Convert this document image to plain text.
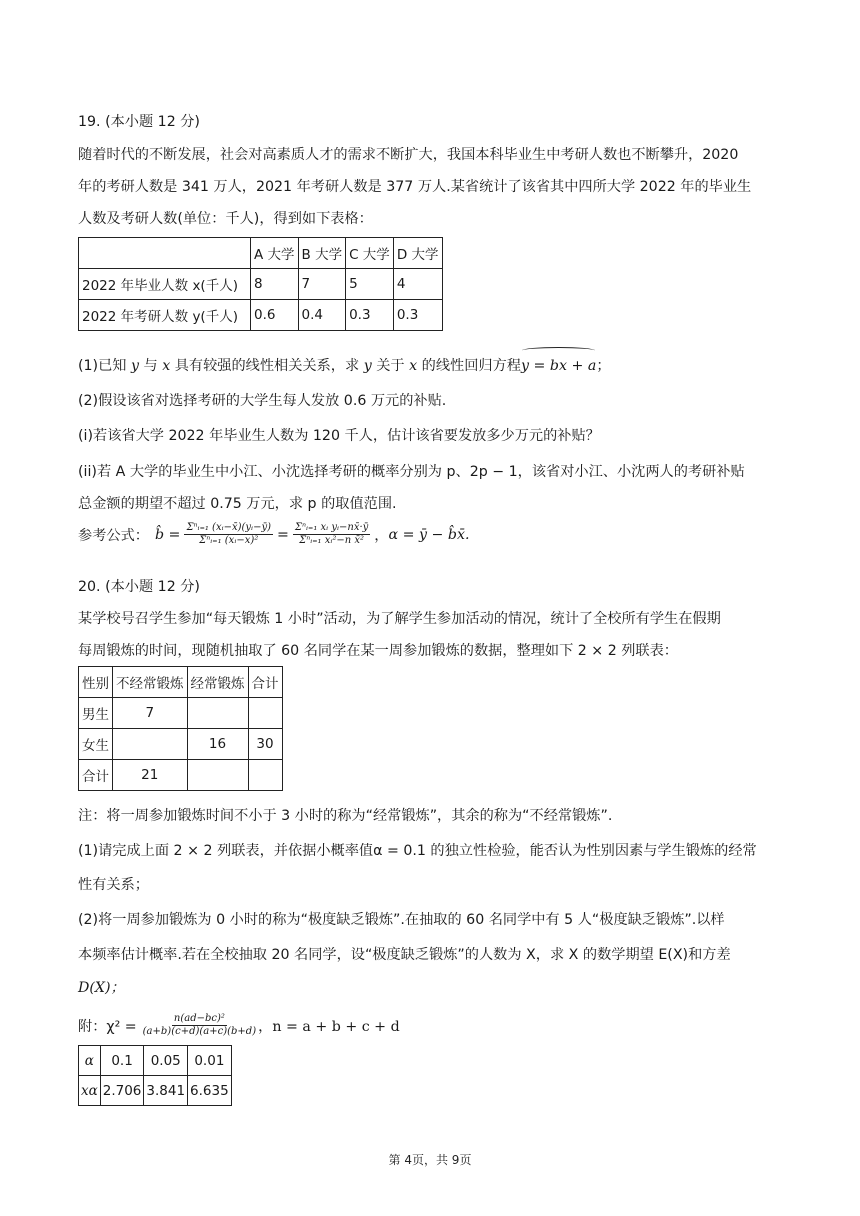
19. (本小题 12 分)

随着时代的不断发展，社会对高素质人才的需求不断扩大，我国本科毕业生中考研人数也不断攀升，2020

年的考研人数是 341 万人，2021 年考研人数是 377 万人.某省统计了该省其中四所大学 2022 年的毕业生

人数及考研人数(单位：千人)，得到如下表格：

	A 大学	B 大学	C 大学	D 大学
2022 年毕业人数 x(千人)	8	7	5	4
2022 年考研人数 y(千人)	0.6	0.4	0.3	0.3

(1)已知 y 与 x 具有较强的线性相关关系，求 y 关于 x 的线性回归方程y = bx + a；

(2)假设该省对选择考研的大学生每人发放 0.6 万元的补贴.

(i)若该省大学 2022 年毕业生人数为 120 千人，估计该省要发放多少万元的补贴？

(ii)若 A 大学的毕业生中小江、小沈选择考研的概率分别为 p、2p − 1，该省对小江、小沈两人的考研补贴

总金额的期望不超过 0.75 万元，求 p 的取值范围.

参考公式： b̂ = $\frac{\text{Σⁿᵢ₌₁ (xᵢ−x̄)(yᵢ−ȳ)}}{\text{Σⁿᵢ₌₁ (xᵢ−x)²}} = \frac{\text{Σⁿᵢ₌₁ xᵢ yᵢ−nx̄·ȳ}}{\text{Σⁿᵢ₌₁ xᵢ²−n x̄²}}$ ， α = ȳ − b̂x̄.
20. (本小题 12 分)

某学校号召学生参加“每天锻炼 1 小时”活动，为了解学生参加活动的情况，统计了全校所有学生在假期

每周锻炼的时间，现随机抽取了 60 名同学在某一周参加锻炼的数据，整理如下 2 × 2 列联表：

性别	不经常锻炼	经常锻炼	合计
男生	7		
女生		16	30
合计	21		

注：将一周参加锻炼时间不小于 3 小时的称为“经常锻炼”，其余的称为“不经常锻炼”.

(1)请完成上面 2 × 2 列联表，并依据小概率值α = 0.1 的独立性检验，能否认为性别因素与学生锻炼的经常

性有关系；

(2)将一周参加锻炼为 0 小时的称为“极度缺乏锻炼”.在抽取的 60 名同学中有 5 人“极度缺乏锻炼”.以样

本频率估计概率.若在全校抽取 20 名同学，设“极度缺乏锻炼”的人数为 X，求 X 的数学期望 E(X)和方差

D(X)；

附：$\chi^2 = \frac{\text{n(ad−bc)²}}{(a+b)(c+d)(a+c)(b+d)}$ ，n = a + b + c + d
α	0.1	0.05	0.01
xα	2.706	3.841	6.635
第 4页，共 9页
